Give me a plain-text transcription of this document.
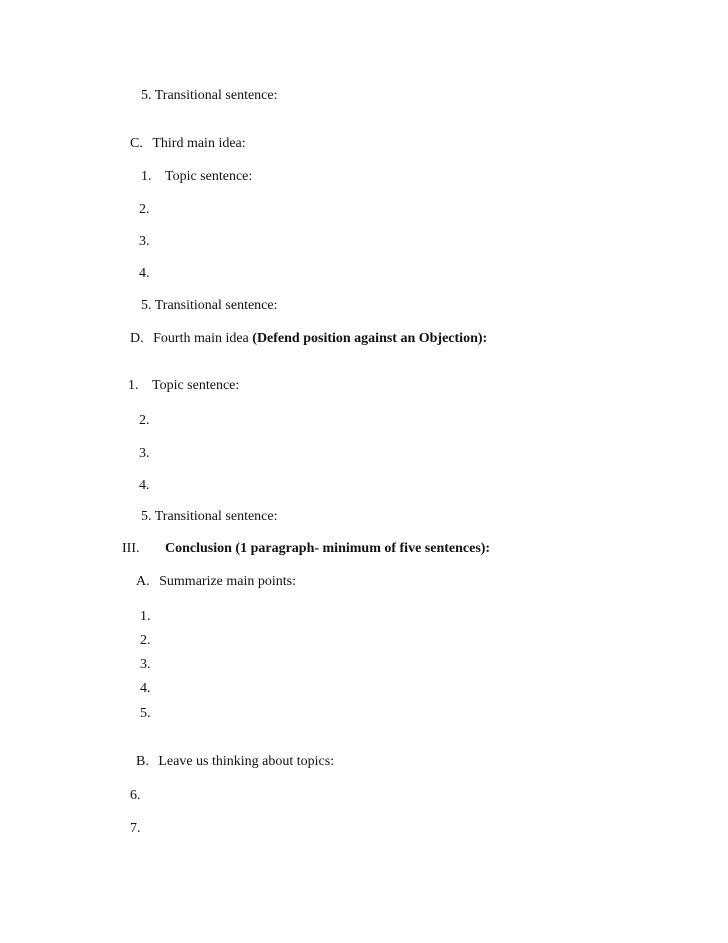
5. Transitional sentence:
C. Third main idea:
1. Topic sentence:
2.
3.
4.
5. Transitional sentence:
D. Fourth main idea (Defend position against an Objection):
1. Topic sentence:
2.
3.
4.
5. Transitional sentence:
III. Conclusion (1 paragraph- minimum of five sentences):
A. Summarize main points:
1.
2.
3.
4.
5.
B. Leave us thinking about topics:
6.
7.
